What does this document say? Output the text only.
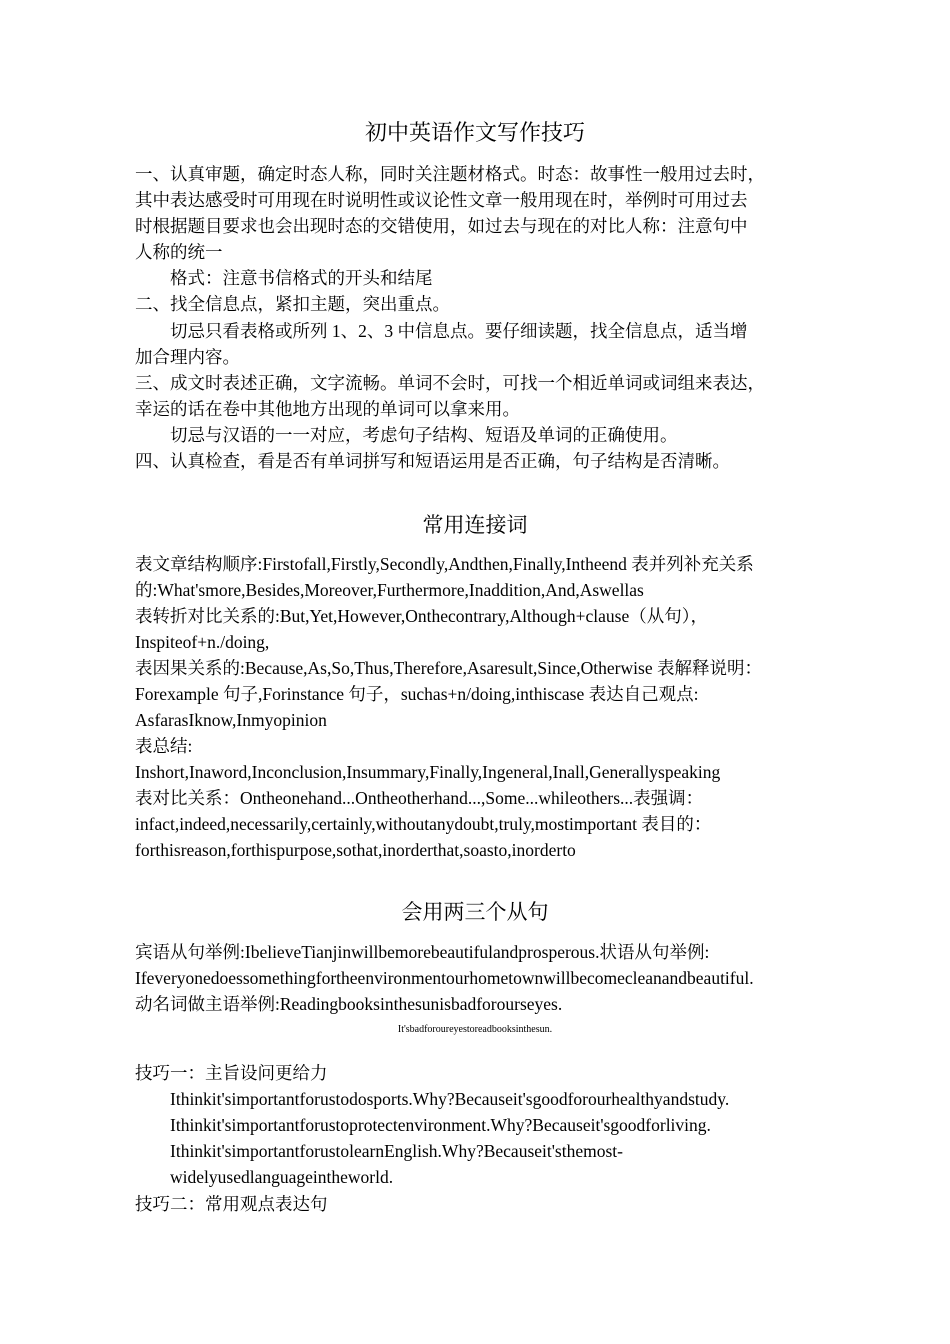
初中英语作文写作技巧
一、认真审题，确定时态人称，同时关注题材格式。时态：故事性一般用过去时，
其中表达感受时可用现在时说明性或议论性文章一般用现在时，举例时可用过去
时根据题目要求也会出现时态的交错使用，如过去与现在的对比人称：注意句中
人称的统一
格式：注意书信格式的开头和结尾
二、找全信息点，紧扣主题，突出重点。
切忌只看表格或所列 1、2、3 中信息点。要仔细读题，找全信息点，适当增
加合理内容。
三、成文时表述正确，文字流畅。单词不会时，可找一个相近单词或词组来表达，
幸运的话在卷中其他地方出现的单词可以拿来用。
切忌与汉语的一一对应，考虑句子结构、短语及单词的正确使用。
四、认真检查，看是否有单词拼写和短语运用是否正确，句子结构是否清晰。
常用连接词
表文章结构顺序:Firstofall,Firstly,Secondly,Andthen,Finally,Intheend 表并列补充关系
的:What'smore,Besides,Moreover,Furthermore,Inaddition,And,Aswellas
表转折对比关系的:But,Yet,However,Onthecontrary,Although+clause（从句），
Inspiteof+n./doing,
表因果关系的:Because,As,So,Thus,Therefore,Asaresult,Since,Otherwise 表解释说明：
Forexample 句子,Forinstance 句子，suchas+n/doing,inthiscase 表达自己观点:
AsfarasIknow,Inmyopinion
表总结:
Inshort,Inaword,Inconclusion,Insummary,Finally,Ingeneral,Inall,Generallyspeaking
表对比关系：Ontheonehand...Ontheotherhand...,Some...whileothers...表强调：
infact,indeed,necessarily,certainly,withoutanydoubt,truly,mostimportant 表目的：
forthisreason,forthispurpose,sothat,inorderthat,soasto,inorderto
会用两三个从句
宾语从句举例:IbelieveTianjinwillbemorebeautifulandprosperous.状语从句举例:
Ifeveryonedoessomethingfortheenvironmentourhometownwillbecomecleanandbeautiful.
动名词做主语举例:Readingbooksinthesunisbadforourseyes.
It'sbadforoureyestoreadbooksinthesun.
技巧一：主旨设问更给力
Ithinkit'simportantforustodosports.Why?Becauseit'sgoodforourhealthyandstudy.
Ithinkit'simportantforustoprotectenvironment.Why?Becauseit'sgoodforliving.
Ithinkit'simportantforustolearnEnglish.Why?Becauseit'sthemost-
widelyusedlanguageintheworld.
技巧二：常用观点表达句
